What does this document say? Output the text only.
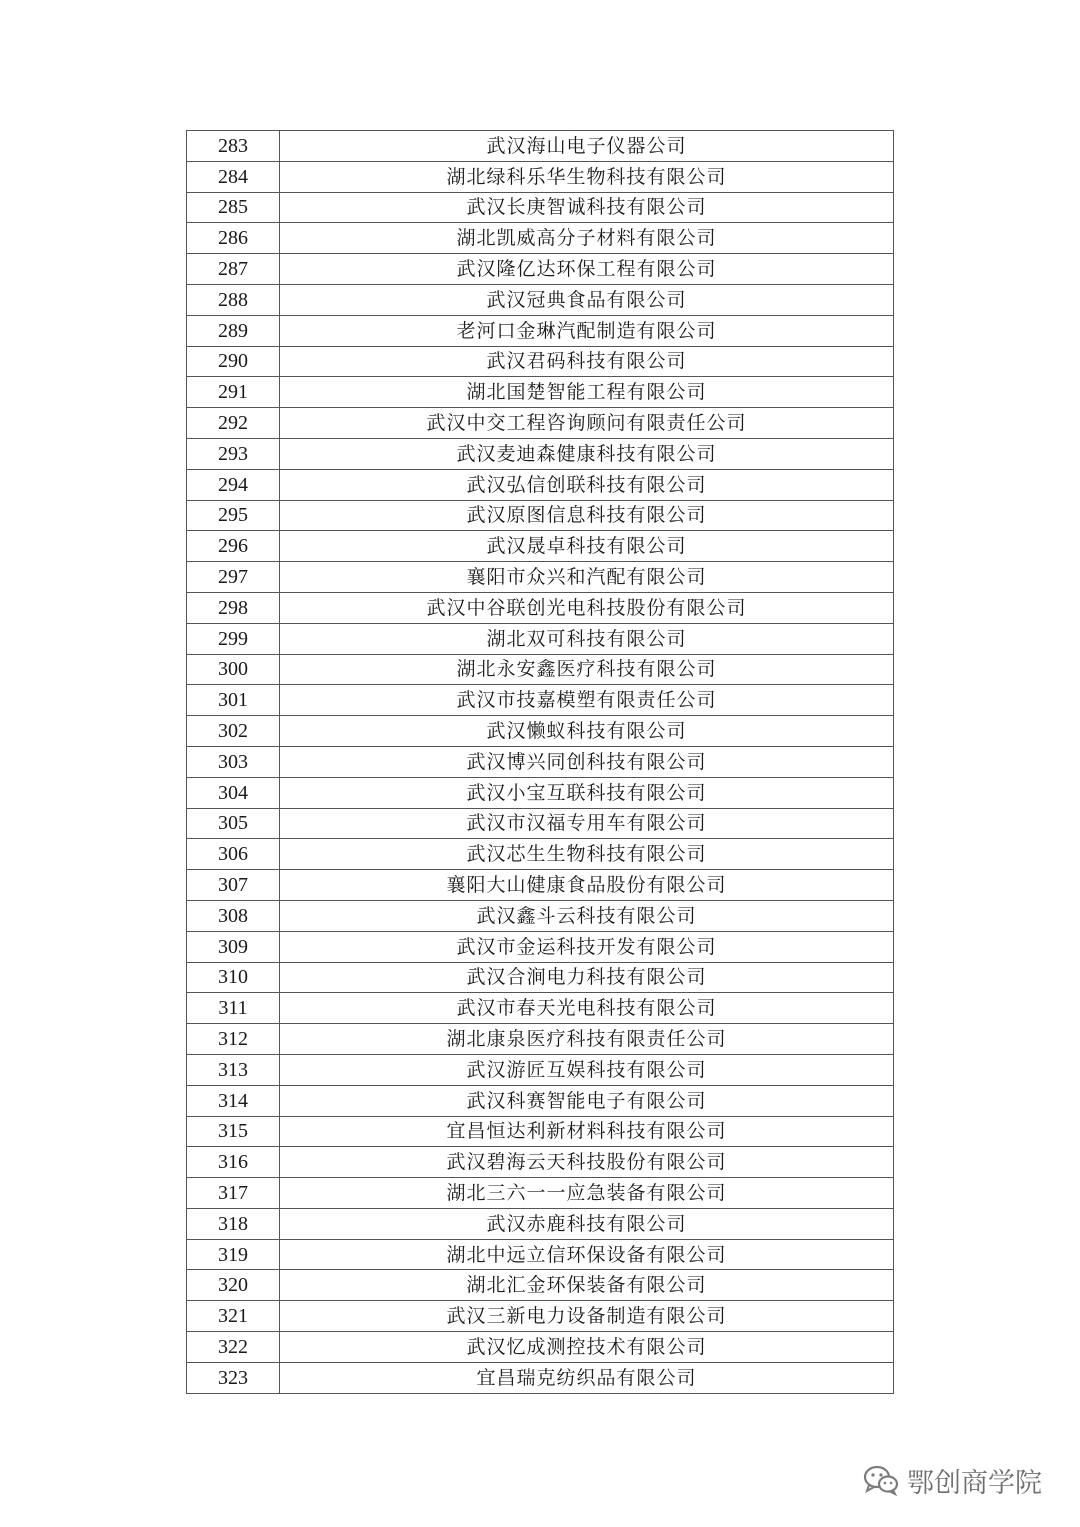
283	武汉海山电子仪器公司
284	湖北绿科乐华生物科技有限公司
285	武汉长庚智诚科技有限公司
286	湖北凯威高分子材料有限公司
287	武汉隆亿达环保工程有限公司
288	武汉冠典食品有限公司
289	老河口金琳汽配制造有限公司
290	武汉君码科技有限公司
291	湖北国楚智能工程有限公司
292	武汉中交工程咨询顾问有限责任公司
293	武汉麦迪森健康科技有限公司
294	武汉弘信创联科技有限公司
295	武汉原图信息科技有限公司
296	武汉晟卓科技有限公司
297	襄阳市众兴和汽配有限公司
298	武汉中谷联创光电科技股份有限公司
299	湖北双可科技有限公司
300	湖北永安鑫医疗科技有限公司
301	武汉市技嘉模塑有限责任公司
302	武汉懒蚁科技有限公司
303	武汉博兴同创科技有限公司
304	武汉小宝互联科技有限公司
305	武汉市汉福专用车有限公司
306	武汉芯生生物科技有限公司
307	襄阳大山健康食品股份有限公司
308	武汉鑫斗云科技有限公司
309	武汉市金运科技开发有限公司
310	武汉合涧电力科技有限公司
311	武汉市春天光电科技有限公司
312	湖北康泉医疗科技有限责任公司
313	武汉游匠互娱科技有限公司
314	武汉科赛智能电子有限公司
315	宜昌恒达利新材料科技有限公司
316	武汉碧海云天科技股份有限公司
317	湖北三六一一应急装备有限公司
318	武汉赤鹿科技有限公司
319	湖北中远立信环保设备有限公司
320	湖北汇金环保装备有限公司
321	武汉三新电力设备制造有限公司
322	武汉忆成测控技术有限公司
323	宜昌瑞克纺织品有限公司
鄂创商学院
